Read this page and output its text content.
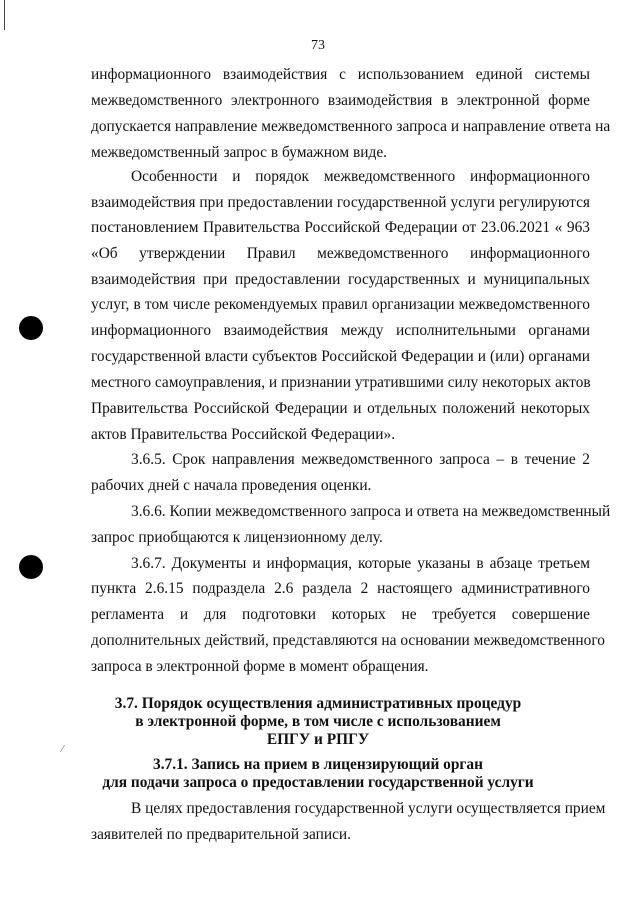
73
информационного взаимодействия с использованием единой системы
межведомственного электронного взаимодействия в электронной форме
допускается направление межведомственного запроса и направление ответа на
межведомственный запрос в бумажном виде.
Особенности и порядок межведомственного информационного
взаимодействия при предоставлении государственной услуги регулируются
постановлением Правительства Российской Федерации от 23.06.2021 « 963
«Об утверждении Правил межведомственного информационного
взаимодействия при предоставлении государственных и муниципальных
услуг, в том числе рекомендуемых правил организации межведомственного
информационного взаимодействия между исполнительными органами
государственной власти субъектов Российской Федерации и (или) органами
местного самоуправления, и признании утратившими силу некоторых актов
Правительства Российской Федерации и отдельных положений некоторых
актов Правительства Российской Федерации».
3.6.5. Срок направления межведомственного запроса – в течение 2
рабочих дней с начала проведения оценки.
3.6.6. Копии межведомственного запроса и ответа на межведомственный
запрос приобщаются к лицензионному делу.
3.6.7. Документы и информация, которые указаны в абзаце третьем
пункта 2.6.15 подраздела 2.6 раздела 2 настоящего административного
регламента и для подготовки которых не требуется совершение
дополнительных действий, представляются на основании межведомственного
запроса в электронной форме в момент обращения.
3.7. Порядок осуществления административных процедур
в электронной форме, в том числе с использованием
ЕПГУ и РПГУ
3.7.1. Запись на прием в лицензирующий орган
для подачи запроса о предоставлении государственной услуги
В целях предоставления государственной услуги осуществляется прием
заявителей по предварительной записи.
⁄
